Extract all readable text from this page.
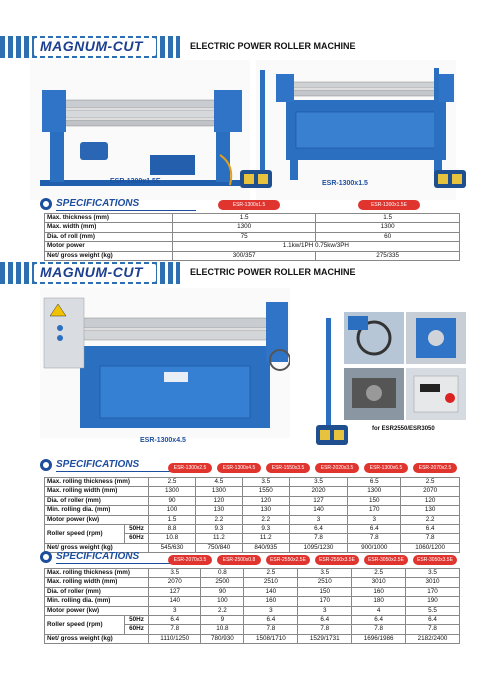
MAGNUM-CUT	ELECTRIC POWER ROLLER MACHINE
ESR-1300x1.5E	ESR-1300x1.5
SPECIFICATIONS	ESR-1300x1.5	ESR-1300x1.5E
Max. thickness (mm)	1.5	1.5
Max. width (mm)	1300	1300
Dia. of roll (mm)	75	60
Motor power	1.1kw/1PH 0.75kw/3PH	
Net/ gross weight (kg)	300/357	275/335
MAGNUM-CUT	ELECTRIC POWER ROLLER MACHINE
ESR-1300x4.5
for ESR2550/ESR3050
SPECIFICATIONS	ESR-1300x2.5	ESR-1300x4.5	ESR-1550x3.5	ESR-2020x3.5	ESR-1300x6.5	ESR-2070x2.5
Max. rolling thickness (mm)		2.5	4.5	3.5	3.5	6.5	2.5
Max. rolling width (mm)		1300	1300	1550	2020	1300	2070
Dia. of roller (mm)		90	120	120	127	150	120
Min. rolling dia. (mm)		100	130	130	140	170	130
Motor power (kw)		1.5	2.2	2.2	3	3	2.2
Roller speed (rpm)	50Hz	8.8	9.3	9.3	6.4	6.4	6.4
	60Hz	10.8	11.2	11.2	7.8	7.8	7.8
Net/ gross weight (kg)		545/630	750/840	840/935	1095/1230	900/1000	1060/1200
SPECIFICATIONS	ESR-2070x3.5	ESR-2500x0.8	ESR-2550x2.5E	ESR-2550x3.5E	ESR-3050x2.5E	ESR-3050x3.5E
Max. rolling thickness (mm)		3.5	0.8	2.5	3.5	2.5	3.5
Max. rolling width (mm)		2070	2500	2510	2510	3010	3010
Dia. of roller (mm)		127	90	140	150	160	170
Min. rolling dia. (mm)		140	100	160	170	180	190
Motor power (kw)		3	2.2	3	3	4	5.5
Roller speed (rpm)	50Hz	6.4	9	6.4	6.4	6.4	6.4
	60Hz	7.8	10.8	7.8	7.8	7.8	7.8
Net/ gross weight (kg)		1110/1250	780/930	1508/1710	1529/1731	1696/1986	2182/2400
